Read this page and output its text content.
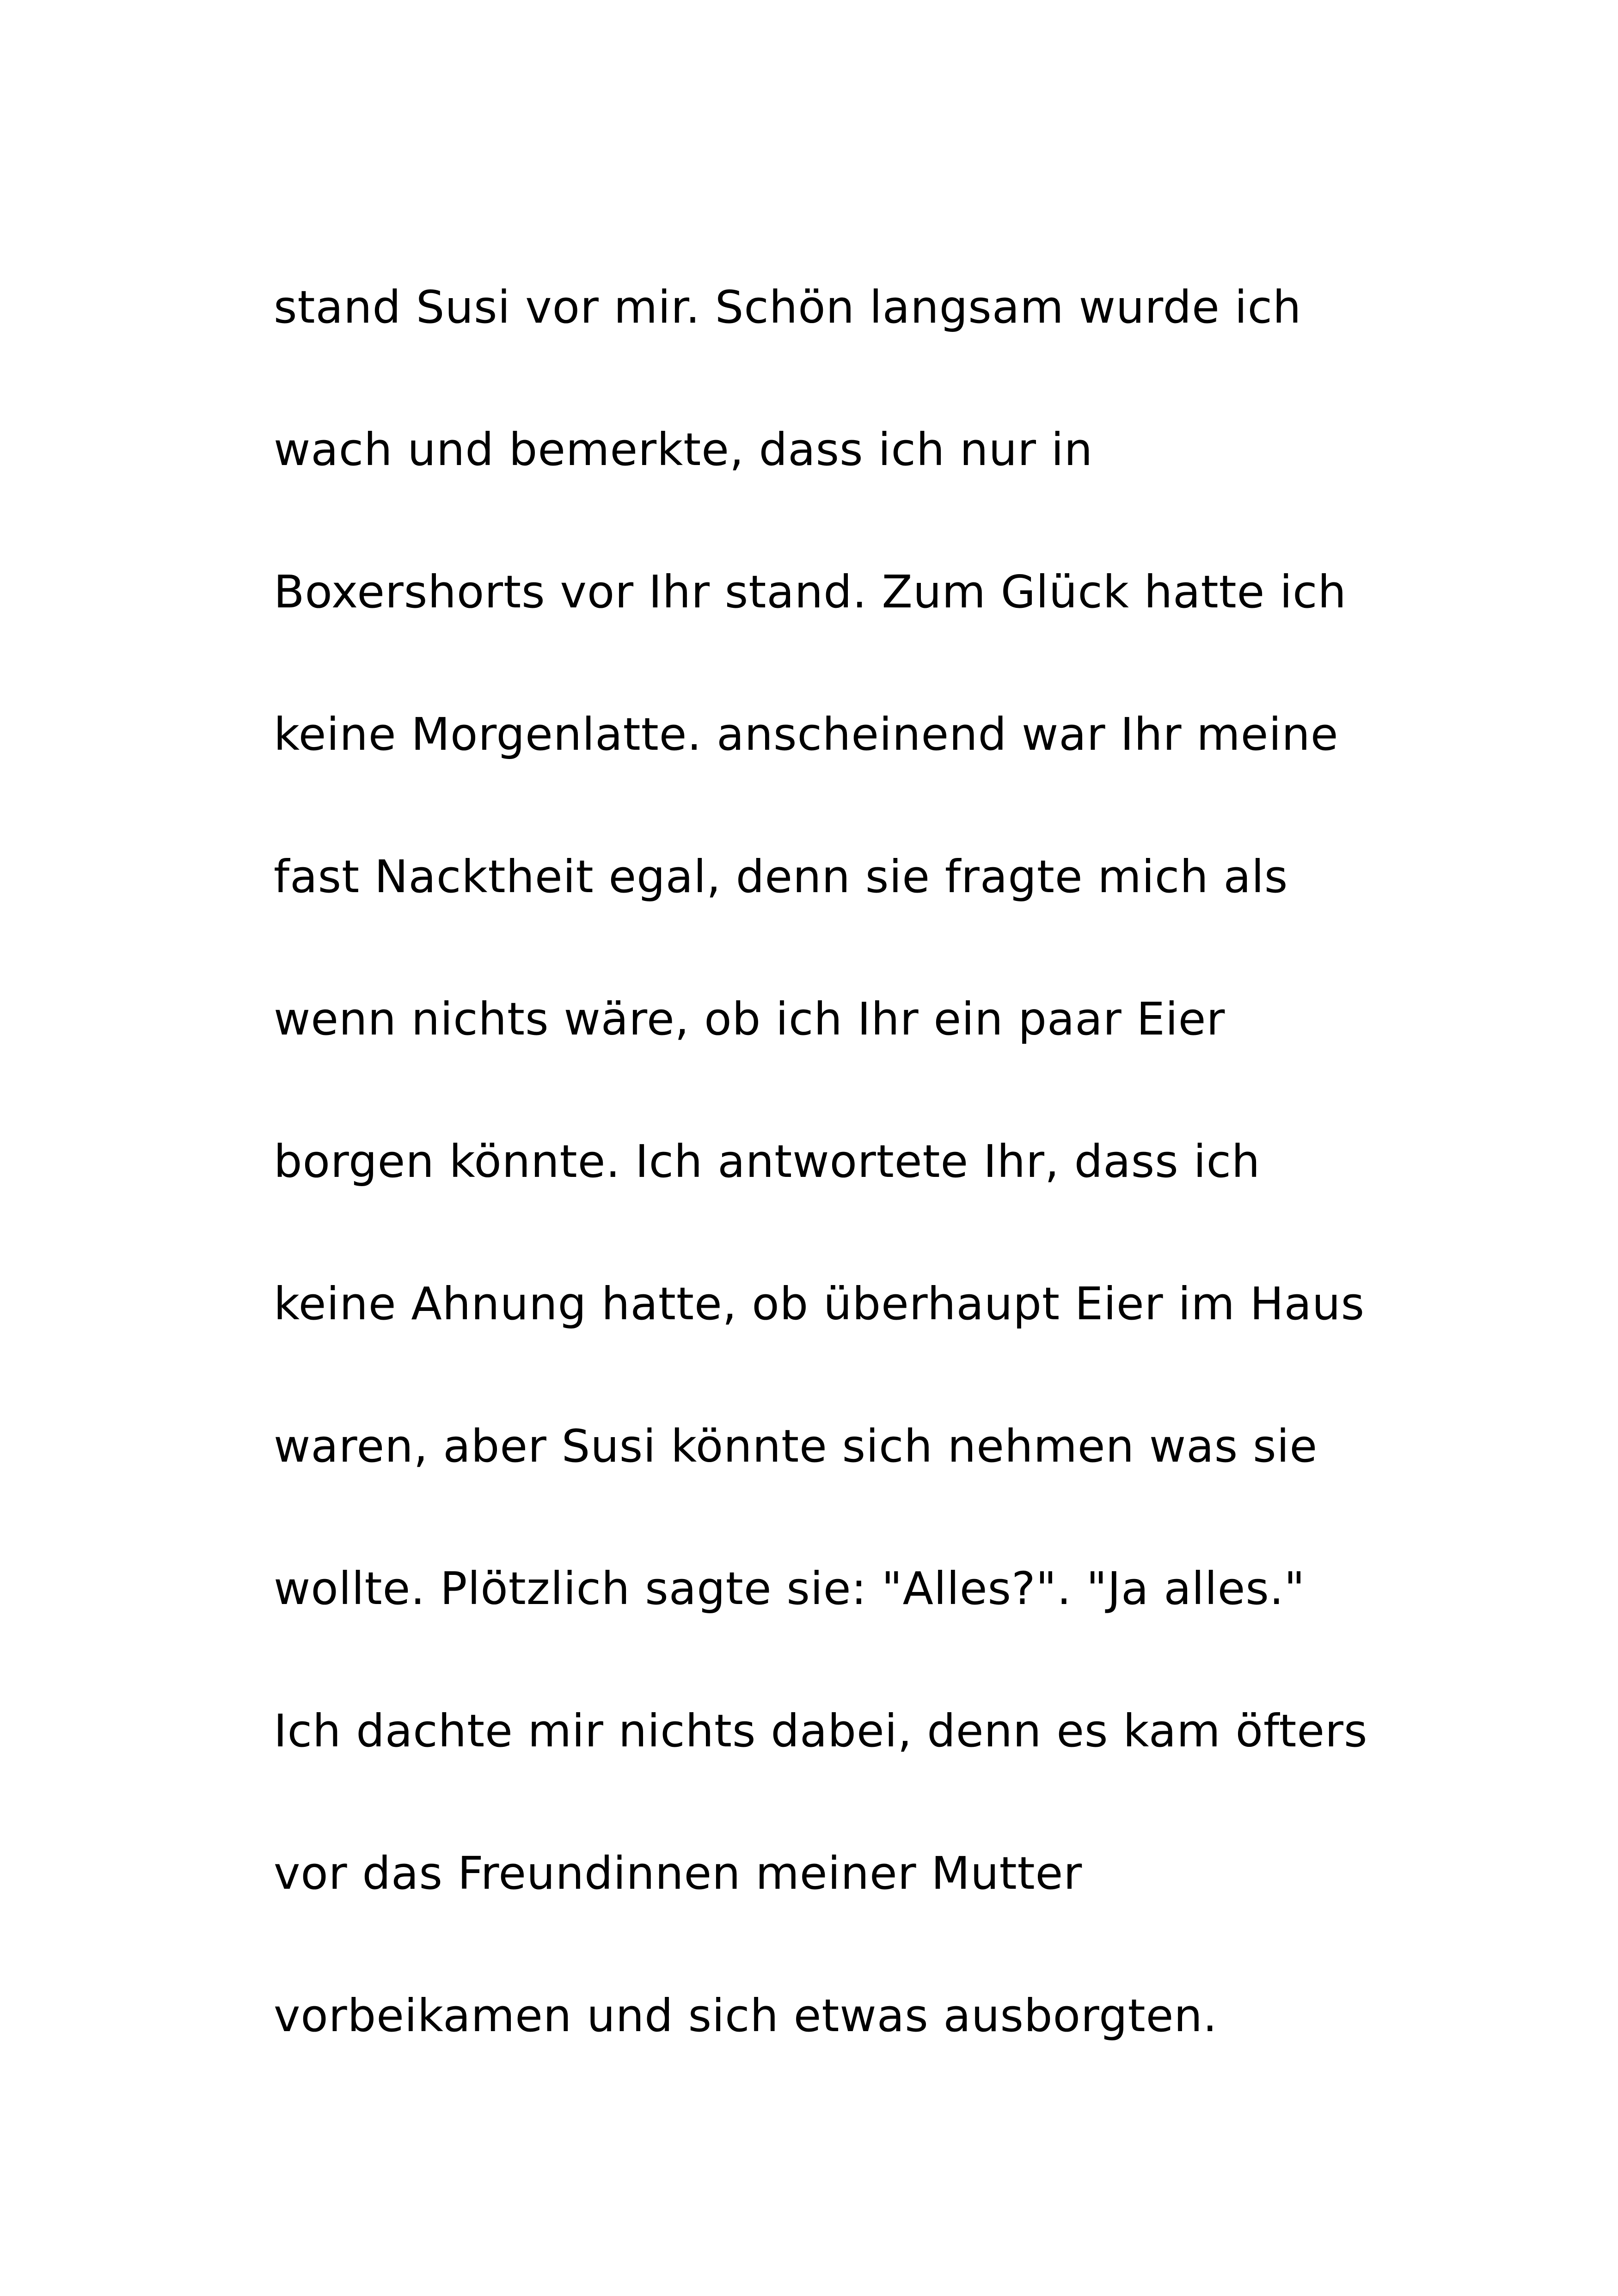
stand Susi vor mir. Schön langsam wurde ich
wach und bemerkte, dass ich nur in
Boxershorts vor Ihr stand. Zum Glück hatte ich
keine Morgenlatte. anscheinend war Ihr meine
fast Nacktheit egal, denn sie fragte mich als
wenn nichts wäre, ob ich Ihr ein paar Eier
borgen könnte. Ich antwortete Ihr, dass ich
keine Ahnung hatte, ob überhaupt Eier im Haus
waren, aber Susi könnte sich nehmen was sie
wollte. Plötzlich sagte sie: "Alles?". "Ja alles."
Ich dachte mir nichts dabei, denn es kam öfters
vor das Freundinnen meiner Mutter
vorbeikamen und sich etwas ausborgten.
